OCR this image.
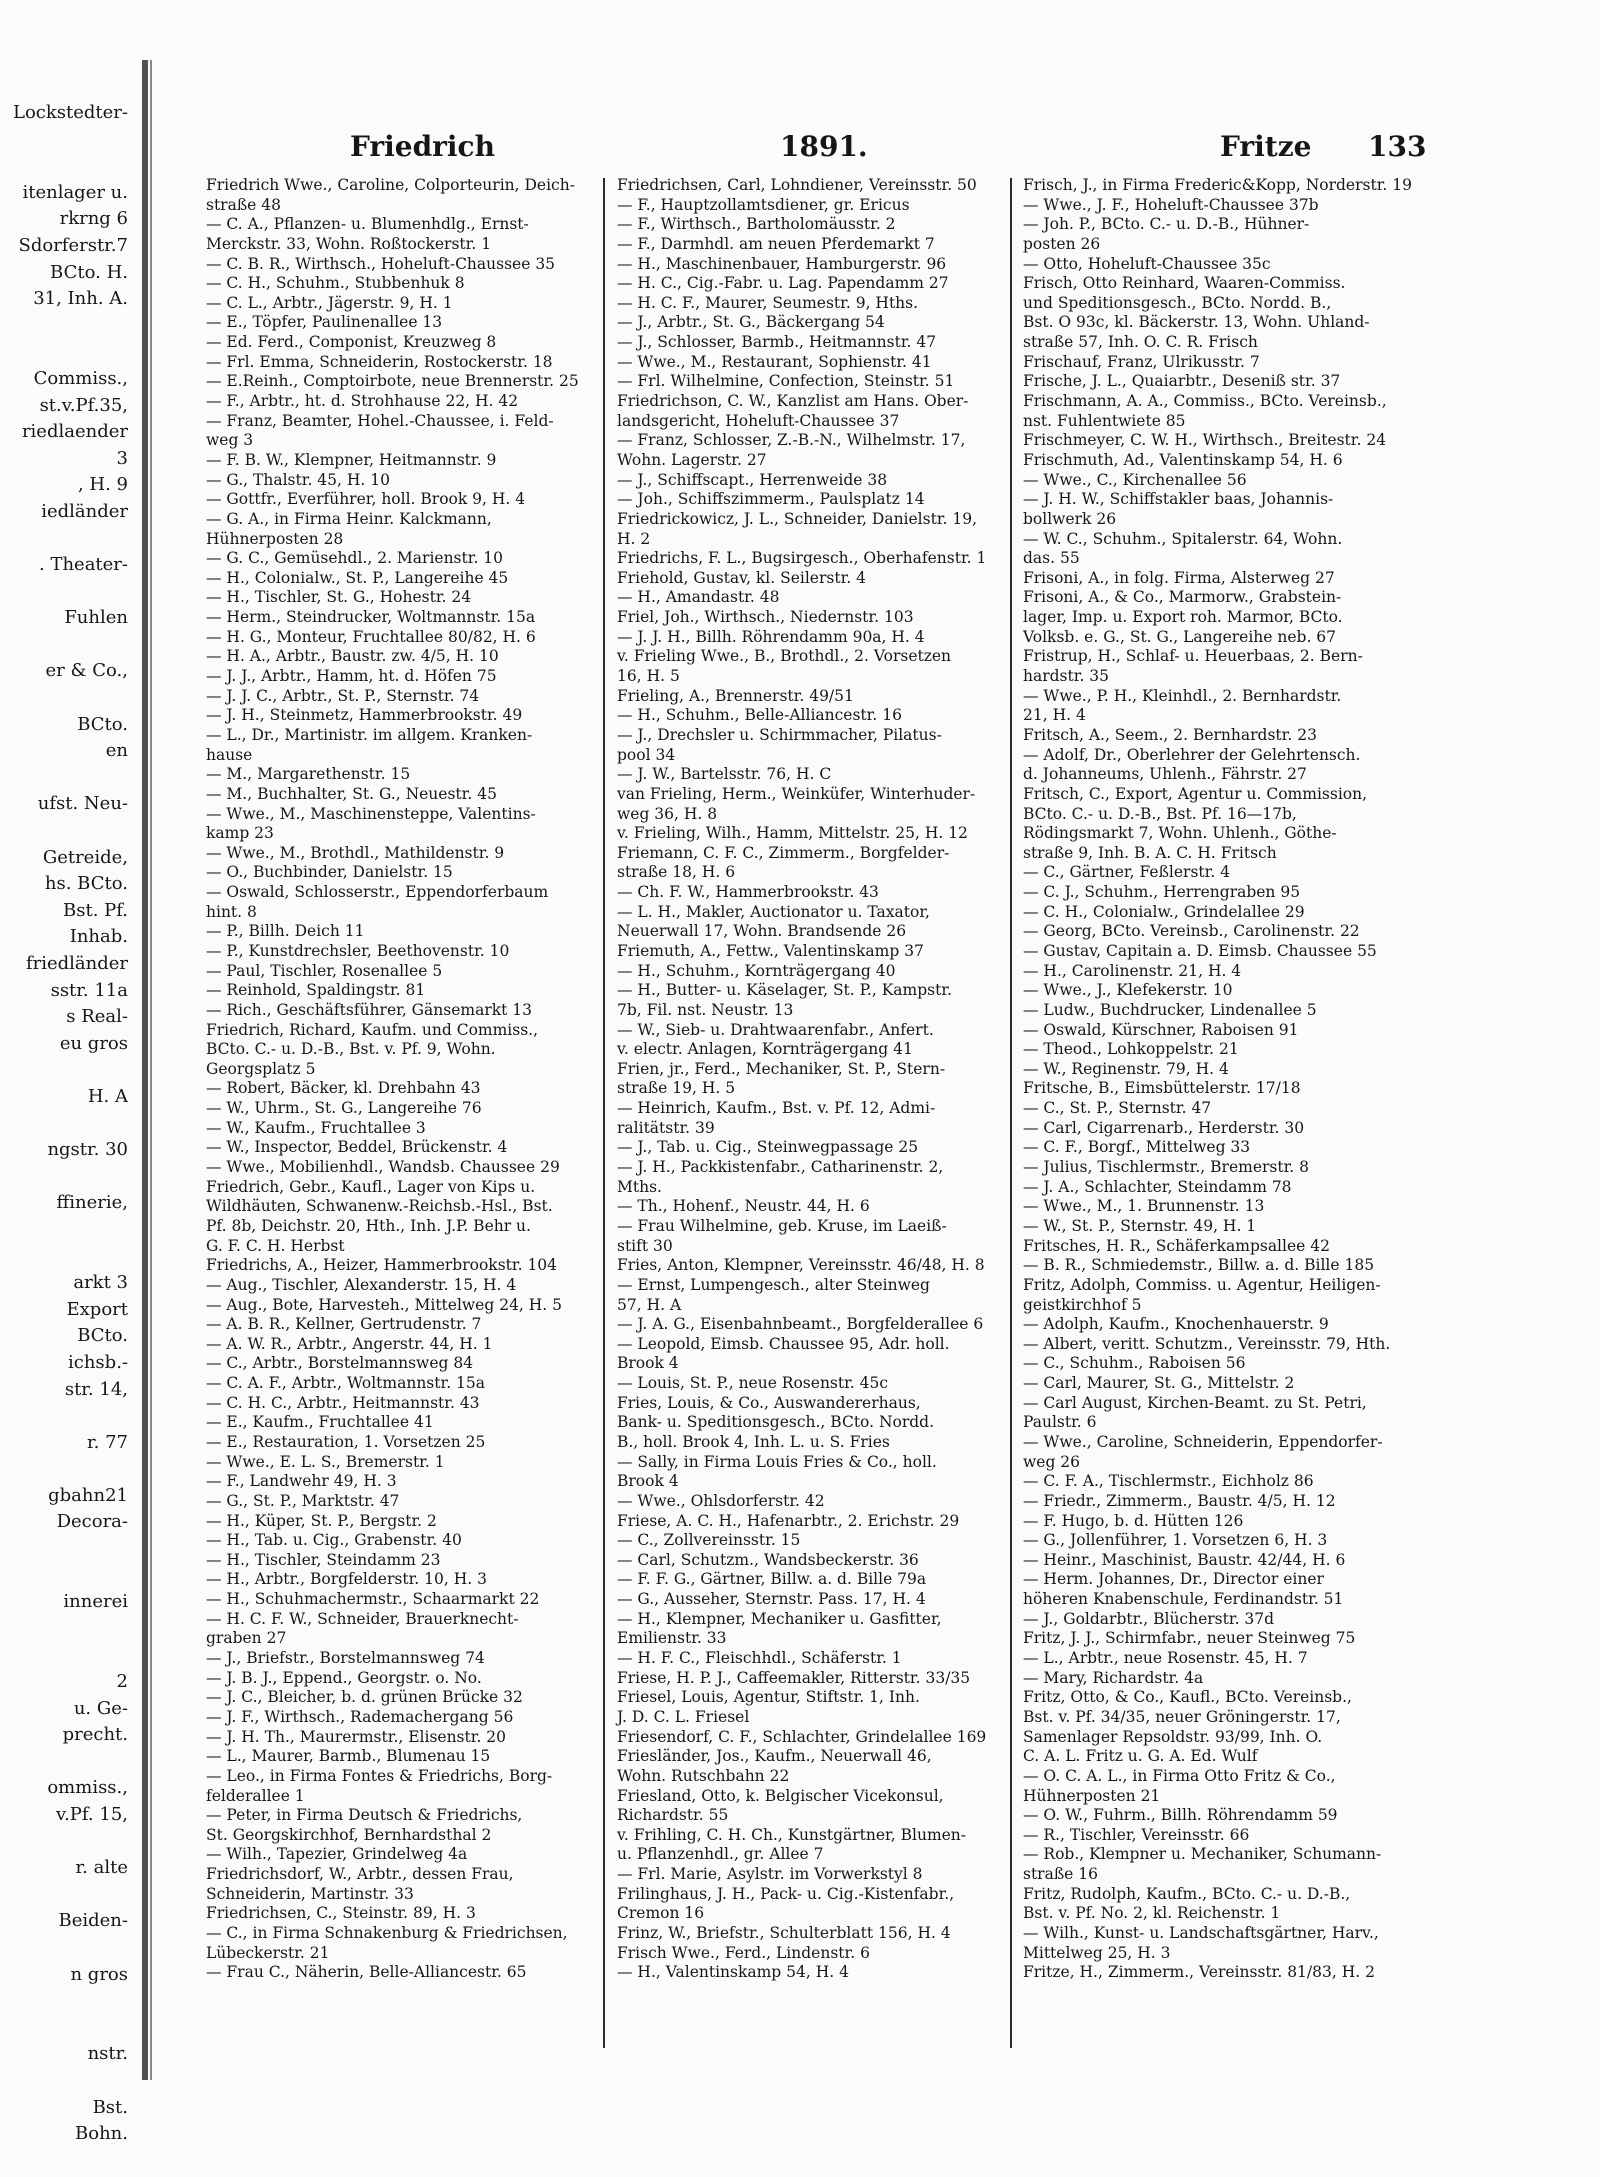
Lockstedter-
itenlager u.
rkrng 6
Sdorferstr.7
BCto. H.
31, Inh. A.
Commiss.,
st.v.Pf.35,
riedlaender
3
, H. 9
iedländer
. Theater-
Fuhlen
er & Co.,
BCto.
en
ufst. Neu-
Getreide,
hs. BCto.
Bst. Pf.
Inhab.
friedländer
sstr. 11a
s Real-
eu gros
H. A
ngstr. 30
ffinerie,
arkt 3
Export
BCto.
ichsb.-
str. 14,
r. 77
gbahn21
Decora-
innerei
2
u. Ge-
precht.
ommiss.,
v.Pf. 15,
r. alte
Beiden-
n gros
nstr.
Bst.
Bohn.
Friedrich	1891.	Fritze 133
Friedrich Wwe., Caroline, Colporteurin, Deich-
straße 48
— C. A., Pflanzen- u. Blumenhdlg., Ernst-
Merckstr. 33, Wohn. Roßtockerstr. 1
— C. B. R., Wirthsch., Hoheluft-Chaussee 35
— C. H., Schuhm., Stubbenhuk 8
— C. L., Arbtr., Jägerstr. 9, H. 1
— E., Töpfer, Paulinenallee 13
— Ed. Ferd., Componist, Kreuzweg 8
— Frl. Emma, Schneiderin, Rostockerstr. 18
— E.Reinh., Comptoirbote, neue Brennerstr. 25
— F., Arbtr., ht. d. Strohhause 22, H. 42
— Franz, Beamter, Hohel.-Chaussee, i. Feld-
weg 3
— F. B. W., Klempner, Heitmannstr. 9
— G., Thalstr. 45, H. 10
— Gottfr., Everführer, holl. Brook 9, H. 4
— G. A., in Firma Heinr. Kalckmann,
Hühnerposten 28
— G. C., Gemüsehdl., 2. Marienstr. 10
— H., Colonialw., St. P., Langereihe 45
— H., Tischler, St. G., Hohestr. 24
— Herm., Steindrucker, Woltmannstr. 15a
— H. G., Monteur, Fruchtallee 80/82, H. 6
— H. A., Arbtr., Baustr. zw. 4/5, H. 10
— J. J., Arbtr., Hamm, ht. d. Höfen 75
— J. J. C., Arbtr., St. P., Sternstr. 74
— J. H., Steinmetz, Hammerbrookstr. 49
— L., Dr., Martinistr. im allgem. Kranken-
hause
— M., Margarethenstr. 15
— M., Buchhalter, St. G., Neuestr. 45
— Wwe., M., Maschinensteppe, Valentins-
kamp 23
— Wwe., M., Brothdl., Mathildenstr. 9
— O., Buchbinder, Danielstr. 15
— Oswald, Schlosserstr., Eppendorferbaum
hint. 8
— P., Billh. Deich 11
— P., Kunstdrechsler, Beethovenstr. 10
— Paul, Tischler, Rosenallee 5
— Reinhold, Spaldingstr. 81
— Rich., Geschäftsführer, Gänsemarkt 13
Friedrich, Richard, Kaufm. und Commiss.,
BCto. C.- u. D.-B., Bst. v. Pf. 9, Wohn.
Georgsplatz 5
— Robert, Bäcker, kl. Drehbahn 43
— W., Uhrm., St. G., Langereihe 76
— W., Kaufm., Fruchtallee 3
— W., Inspector, Beddel, Brückenstr. 4
— Wwe., Mobilienhdl., Wandsb. Chaussee 29
Friedrich, Gebr., Kaufl., Lager von Kips u.
Wildhäuten, Schwanenw.-Reichsb.-Hsl., Bst.
Pf. 8b, Deichstr. 20, Hth., Inh. J.P. Behr u.
G. F. C. H. Herbst
Friedrichs, A., Heizer, Hammerbrookstr. 104
— Aug., Tischler, Alexanderstr. 15, H. 4
— Aug., Bote, Harvesteh., Mittelweg 24, H. 5
— A. B. R., Kellner, Gertrudenstr. 7
— A. W. R., Arbtr., Angerstr. 44, H. 1
— C., Arbtr., Borstelmannsweg 84
— C. A. F., Arbtr., Woltmannstr. 15a
— C. H. C., Arbtr., Heitmannstr. 43
— E., Kaufm., Fruchtallee 41
— E., Restauration, 1. Vorsetzen 25
— Wwe., E. L. S., Bremerstr. 1
— F., Landwehr 49, H. 3
— G., St. P., Marktstr. 47
— H., Küper, St. P., Bergstr. 2
— H., Tab. u. Cig., Grabenstr. 40
— H., Tischler, Steindamm 23
— H., Arbtr., Borgfelderstr. 10, H. 3
— H., Schuhmachermstr., Schaarmarkt 22
— H. C. F. W., Schneider, Brauerknecht-
graben 27
— J., Briefstr., Borstelmannsweg 74
— J. B. J., Eppend., Georgstr. o. No.
— J. C., Bleicher, b. d. grünen Brücke 32
— J. F., Wirthsch., Rademachergang 56
— J. H. Th., Maurermstr., Elisenstr. 20
— L., Maurer, Barmb., Blumenau 15
— Leo., in Firma Fontes & Friedrichs, Borg-
felderallee 1
— Peter, in Firma Deutsch & Friedrichs,
St. Georgskirchhof, Bernhardsthal 2
— Wilh., Tapezier, Grindelweg 4a
Friedrichsdorf, W., Arbtr., dessen Frau,
Schneiderin, Martinstr. 33
Friedrichsen, C., Steinstr. 89, H. 3
— C., in Firma Schnakenburg & Friedrichsen,
Lübeckerstr. 21
— Frau C., Näherin, Belle-Alliancestr. 65
Friedrichsen, Carl, Lohndiener, Vereinsstr. 50
— F., Hauptzollamtsdiener, gr. Ericus
— F., Wirthsch., Bartholomäusstr. 2
— F., Darmhdl. am neuen Pferdemarkt 7
— H., Maschinenbauer, Hamburgerstr. 96
— H. C., Cig.-Fabr. u. Lag. Papendamm 27
— H. C. F., Maurer, Seumestr. 9, Hths.
— J., Arbtr., St. G., Bäckergang 54
— J., Schlosser, Barmb., Heitmannstr. 47
— Wwe., M., Restaurant, Sophienstr. 41
— Frl. Wilhelmine, Confection, Steinstr. 51
Friedrichson, C. W., Kanzlist am Hans. Ober-
landsgericht, Hoheluft-Chaussee 37
— Franz, Schlosser, Z.-B.-N., Wilhelmstr. 17,
Wohn. Lagerstr. 27
— J., Schiffscapt., Herrenweide 38
— Joh., Schiffszimmerm., Paulsplatz 14
Friedrickowicz, J. L., Schneider, Danielstr. 19,
H. 2
Friedrichs, F. L., Bugsirgesch., Oberhafenstr. 1
Friehold, Gustav, kl. Seilerstr. 4
— H., Amandastr. 48
Friel, Joh., Wirthsch., Niedernstr. 103
— J. J. H., Billh. Röhrendamm 90a, H. 4
v. Frieling Wwe., B., Brothdl., 2. Vorsetzen
16, H. 5
Frieling, A., Brennerstr. 49/51
— H., Schuhm., Belle-Alliancestr. 16
— J., Drechsler u. Schirmmacher, Pilatus-
pool 34
— J. W., Bartelsstr. 76, H. C
van Frieling, Herm., Weinküfer, Winterhuder-
weg 36, H. 8
v. Frieling, Wilh., Hamm, Mittelstr. 25, H. 12
Friemann, C. F. C., Zimmerm., Borgfelder-
straße 18, H. 6
— Ch. F. W., Hammerbrookstr. 43
— L. H., Makler, Auctionator u. Taxator,
Neuerwall 17, Wohn. Brandsende 26
Friemuth, A., Fettw., Valentinskamp 37
— H., Schuhm., Kornträgergang 40
— H., Butter- u. Käselager, St. P., Kampstr.
7b, Fil. nst. Neustr. 13
— W., Sieb- u. Drahtwaarenfabr., Anfert.
v. electr. Anlagen, Kornträgergang 41
Frien, jr., Ferd., Mechaniker, St. P., Stern-
straße 19, H. 5
— Heinrich, Kaufm., Bst. v. Pf. 12, Admi-
ralitätstr. 39
— J., Tab. u. Cig., Steinwegpassage 25
— J. H., Packkistenfabr., Catharinenstr. 2,
Mths.
— Th., Hohenf., Neustr. 44, H. 6
— Frau Wilhelmine, geb. Kruse, im Laeiß-
stift 30
Fries, Anton, Klempner, Vereinsstr. 46/48, H. 8
— Ernst, Lumpengesch., alter Steinweg
57, H. A
— J. A. G., Eisenbahnbeamt., Borgfelderallee 6
— Leopold, Eimsb. Chaussee 95, Adr. holl.
Brook 4
— Louis, St. P., neue Rosenstr. 45c
Fries, Louis, & Co., Auswandererhaus,
Bank- u. Speditionsgesch., BCto. Nordd.
B., holl. Brook 4, Inh. L. u. S. Fries
— Sally, in Firma Louis Fries & Co., holl.
Brook 4
— Wwe., Ohlsdorferstr. 42
Friese, A. C. H., Hafenarbtr., 2. Erichstr. 29
— C., Zollvereinsstr. 15
— Carl, Schutzm., Wandsbeckerstr. 36
— F. F. G., Gärtner, Billw. a. d. Bille 79a
— G., Ausseher, Sternstr. Pass. 17, H. 4
— H., Klempner, Mechaniker u. Gasfitter,
Emilienstr. 33
— H. F. C., Fleischhdl., Schäferstr. 1
Friese, H. P. J., Caffeemakler, Ritterstr. 33/35
Friesel, Louis, Agentur, Stiftstr. 1, Inh.
J. D. C. L. Friesel
Friesendorf, C. F., Schlachter, Grindelallee 169
Friesländer, Jos., Kaufm., Neuerwall 46,
Wohn. Rutschbahn 22
Friesland, Otto, k. Belgischer Vicekonsul,
Richardstr. 55
v. Frihling, C. H. Ch., Kunstgärtner, Blumen-
u. Pflanzenhdl., gr. Allee 7
— Frl. Marie, Asylstr. im Vorwerkstyl 8
Frilinghaus, J. H., Pack- u. Cig.-Kistenfabr.,
Cremon 16
Frinz, W., Briefstr., Schulterblatt 156, H. 4
Frisch Wwe., Ferd., Lindenstr. 6
— H., Valentinskamp 54, H. 4
Frisch, J., in Firma Frederic&Kopp, Norderstr. 19
— Wwe., J. F., Hoheluft-Chaussee 37b
— Joh. P., BCto. C.- u. D.-B., Hühner-
posten 26
— Otto, Hoheluft-Chaussee 35c
Frisch, Otto Reinhard, Waaren-Commiss.
und Speditionsgesch., BCto. Nordd. B.,
Bst. O 93c, kl. Bäckerstr. 13, Wohn. Uhland-
straße 57, Inh. O. C. R. Frisch
Frischauf, Franz, Ulrikusstr. 7
Frische, J. L., Quaiarbtr., Deseniß str. 37
Frischmann, A. A., Commiss., BCto. Vereinsb.,
nst. Fuhlentwiete 85
Frischmeyer, C. W. H., Wirthsch., Breitestr. 24
Frischmuth, Ad., Valentinskamp 54, H. 6
— Wwe., C., Kirchenallee 56
— J. H. W., Schiffstakler baas, Johannis-
bollwerk 26
— W. C., Schuhm., Spitalerstr. 64, Wohn.
das. 55
Frisoni, A., in folg. Firma, Alsterweg 27
Frisoni, A., & Co., Marmorw., Grabstein-
lager, Imp. u. Export roh. Marmor, BCto.
Volksb. e. G., St. G., Langereihe neb. 67
Fristrup, H., Schlaf- u. Heuerbaas, 2. Bern-
hardstr. 35
— Wwe., P. H., Kleinhdl., 2. Bernhardstr.
21, H. 4
Fritsch, A., Seem., 2. Bernhardstr. 23
— Adolf, Dr., Oberlehrer der Gelehrtensch.
d. Johanneums, Uhlenh., Fährstr. 27
Fritsch, C., Export, Agentur u. Commission,
BCto. C.- u. D.-B., Bst. Pf. 16—17b,
Rödingsmarkt 7, Wohn. Uhlenh., Göthe-
straße 9, Inh. B. A. C. H. Fritsch
— C., Gärtner, Feßlerstr. 4
— C. J., Schuhm., Herrengraben 95
— C. H., Colonialw., Grindelallee 29
— Georg, BCto. Vereinsb., Carolinenstr. 22
— Gustav, Capitain a. D. Eimsb. Chaussee 55
— H., Carolinenstr. 21, H. 4
— Wwe., J., Klefekerstr. 10
— Ludw., Buchdrucker, Lindenallee 5
— Oswald, Kürschner, Raboisen 91
— Theod., Lohkoppelstr. 21
— W., Reginenstr. 79, H. 4
Fritsche, B., Eimsbüttelerstr. 17/18
— C., St. P., Sternstr. 47
— Carl, Cigarrenarb., Herderstr. 30
— C. F., Borgf., Mittelweg 33
— Julius, Tischlermstr., Bremerstr. 8
— J. A., Schlachter, Steindamm 78
— Wwe., M., 1. Brunnenstr. 13
— W., St. P., Sternstr. 49, H. 1
Fritsches, H. R., Schäferkampsallee 42
— B. R., Schmiedemstr., Billw. a. d. Bille 185
Fritz, Adolph, Commiss. u. Agentur, Heiligen-
geistkirchhof 5
— Adolph, Kaufm., Knochenhauerstr. 9
— Albert, veritt. Schutzm., Vereinsstr. 79, Hth.
— C., Schuhm., Raboisen 56
— Carl, Maurer, St. G., Mittelstr. 2
— Carl August, Kirchen-Beamt. zu St. Petri,
Paulstr. 6
— Wwe., Caroline, Schneiderin, Eppendorfer-
weg 26
— C. F. A., Tischlermstr., Eichholz 86
— Friedr., Zimmerm., Baustr. 4/5, H. 12
— F. Hugo, b. d. Hütten 126
— G., Jollenführer, 1. Vorsetzen 6, H. 3
— Heinr., Maschinist, Baustr. 42/44, H. 6
— Herm. Johannes, Dr., Director einer
höheren Knabenschule, Ferdinandstr. 51
— J., Goldarbtr., Blücherstr. 37d
Fritz, J. J., Schirmfabr., neuer Steinweg 75
— L., Arbtr., neue Rosenstr. 45, H. 7
— Mary, Richardstr. 4a
Fritz, Otto, & Co., Kaufl., BCto. Vereinsb.,
Bst. v. Pf. 34/35, neuer Gröningerstr. 17,
Samenlager Repsoldstr. 93/99, Inh. O.
C. A. L. Fritz u. G. A. Ed. Wulf
— O. C. A. L., in Firma Otto Fritz & Co.,
Hühnerposten 21
— O. W., Fuhrm., Billh. Röhrendamm 59
— R., Tischler, Vereinsstr. 66
— Rob., Klempner u. Mechaniker, Schumann-
straße 16
Fritz, Rudolph, Kaufm., BCto. C.- u. D.-B.,
Bst. v. Pf. No. 2, kl. Reichenstr. 1
— Wilh., Kunst- u. Landschaftsgärtner, Harv.,
Mittelweg 25, H. 3
Fritze, H., Zimmerm., Vereinsstr. 81/83, H. 2
